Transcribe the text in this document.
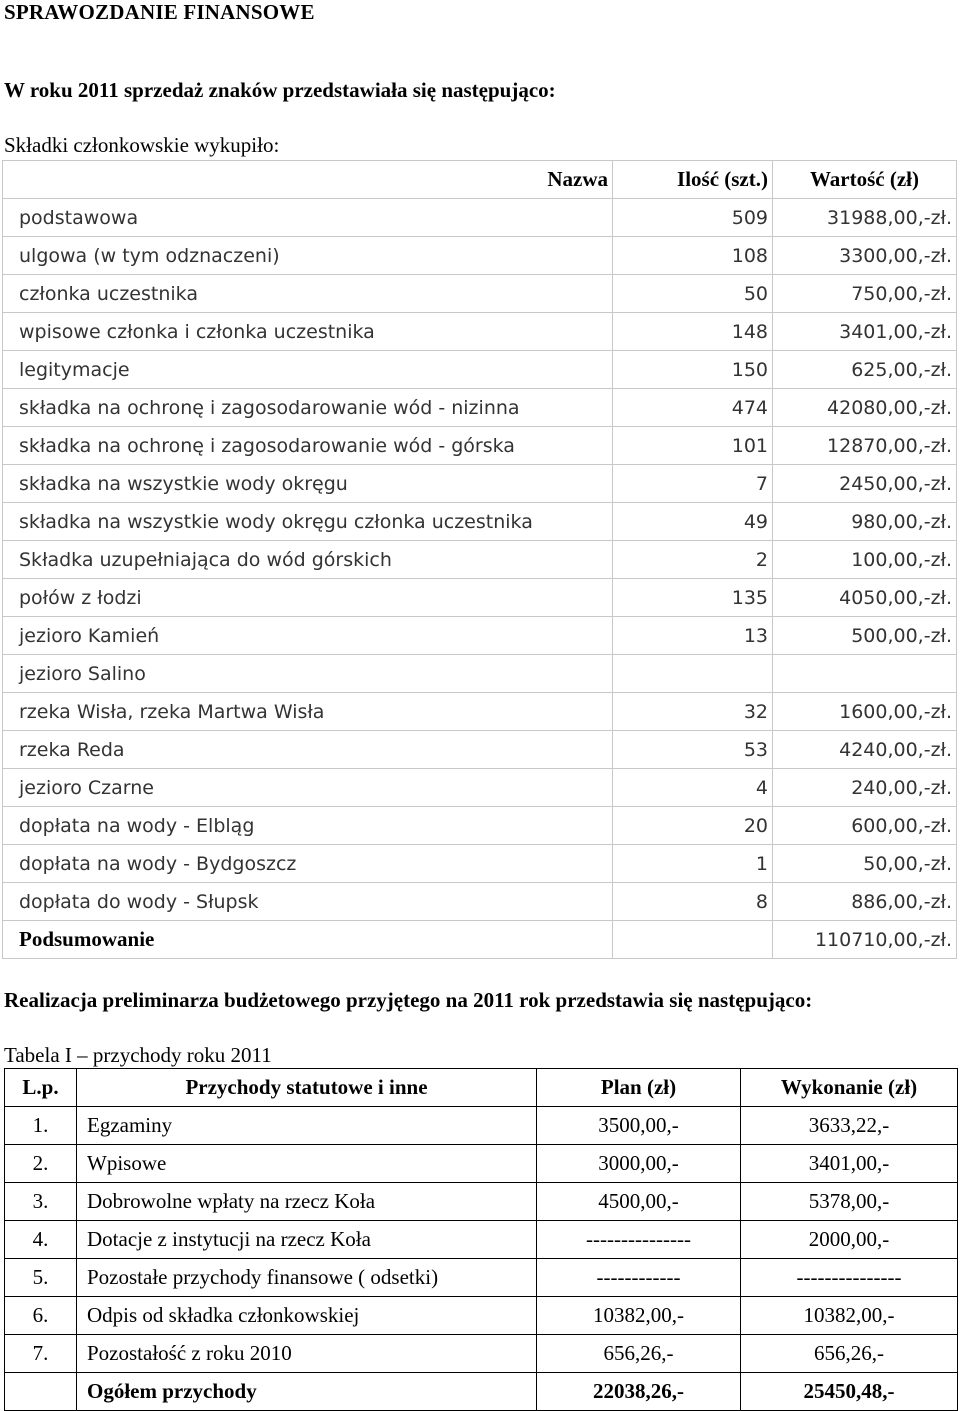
SPRAWOZDANIE FINANSOWE
W roku 2011 sprzedaż znaków przedstawiała się następująco:
Składki członkowskie wykupiło:
Nazwa	Ilość (szt.)	Wartość (zł)
podstawowa	509	31988,00,-zł.
ulgowa (w tym odznaczeni)	108	3300,00,-zł.
członka uczestnika	50	750,00,-zł.
wpisowe członka i członka uczestnika	148	3401,00,-zł.
legitymacje	150	625,00,-zł.
składka na ochronę i zagosodarowanie wód - nizinna	474	42080,00,-zł.
składka na ochronę i zagosodarowanie wód - górska	101	12870,00,-zł.
składka na wszystkie wody okręgu	7	2450,00,-zł.
składka na wszystkie wody okręgu członka uczestnika	49	980,00,-zł.
Składka uzupełniająca do wód górskich	2	100,00,-zł.
połów z łodzi	135	4050,00,-zł.
jezioro Kamień	13	500,00,-zł.
jezioro Salino		
rzeka Wisła, rzeka Martwa Wisła	32	1600,00,-zł.
rzeka Reda	53	4240,00,-zł.
jezioro Czarne	4	240,00,-zł.
dopłata na wody - Elbląg	20	600,00,-zł.
dopłata na wody - Bydgoszcz	1	50,00,-zł.
dopłata do wody - Słupsk	8	886,00,-zł.
Podsumowanie		110710,00,-zł.
Realizacja preliminarza budżetowego przyjętego na 2011 rok przedstawia się następująco:
Tabela I – przychody roku 2011
L.p.	Przychody statutowe i inne	Plan (zł)	Wykonanie (zł)
1.	Egzaminy	3500,00,-	3633,22,-
2.	Wpisowe	3000,00,-	3401,00,-
3.	Dobrowolne wpłaty na rzecz Koła	4500,00,-	5378,00,-
4.	Dotacje z instytucji na rzecz Koła	---------------	2000,00,-
5.	Pozostałe przychody finansowe ( odsetki)	------------	---------------
6.	Odpis od składka członkowskiej	10382,00,-	10382,00,-
7.	Pozostałość z roku 2010	656,26,-	656,26,-
	Ogółem przychody	22038,26,-	25450,48,-
